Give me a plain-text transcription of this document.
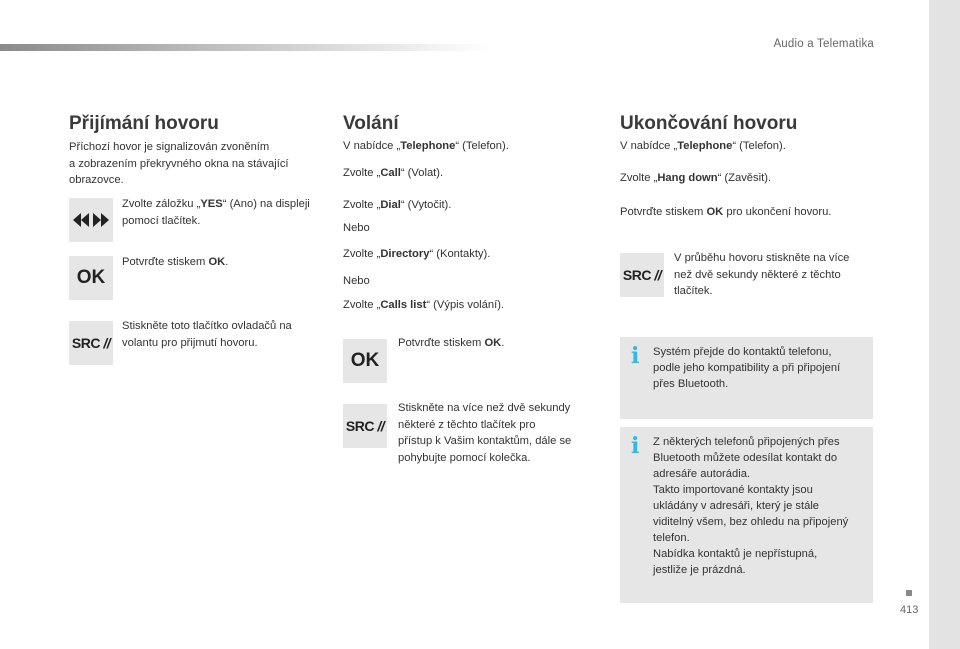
Audio a Telematika
413
Přijímání hovoru
Příchozí hovor je signalizován zvoněním
a zobrazením překryvného okna na stávající
obrazovce.
Zvolte záložku „YES“ (Ano) na displeji
pomocí tlačítek.
OK
Potvrďte stiskem OK.
SRC //
Stiskněte toto tlačítko ovladačů na
volantu pro přijmutí hovoru.
Volání
V nabídce „Telephone“ (Telefon).
Zvolte „Call“ (Volat).
Zvolte „Dial“ (Vytočit).
Nebo
Zvolte „Directory“ (Kontakty).
Nebo
Zvolte „Calls list“ (Výpis volání).
OK
Potvrďte stiskem OK.
SRC //
Stiskněte na více než dvě sekundy
některé z těchto tlačítek pro
přístup k Vašim kontaktům, dále se
pohybujte pomocí kolečka.
Ukončování hovoru
V nabídce „Telephone“ (Telefon).
Zvolte „Hang down“ (Zavěsit).
Potvrďte stiskem OK pro ukončení hovoru.
SRC //
V průběhu hovoru stiskněte na více
než dvě sekundy některé z těchto
tlačítek.
i Systém přejde do kontaktů telefonu,
podle jeho kompatibility a při připojení
přes Bluetooth.
i Z některých telefonů připojených přes
Bluetooth můžete odesílat kontakt do
adresáře autorádia.
Takto importované kontakty jsou
ukládány v adresáři, který je stále
viditelný všem, bez ohledu na připojený
telefon.
Nabídka kontaktů je nepřístupná,
jestliže je prázdná.
